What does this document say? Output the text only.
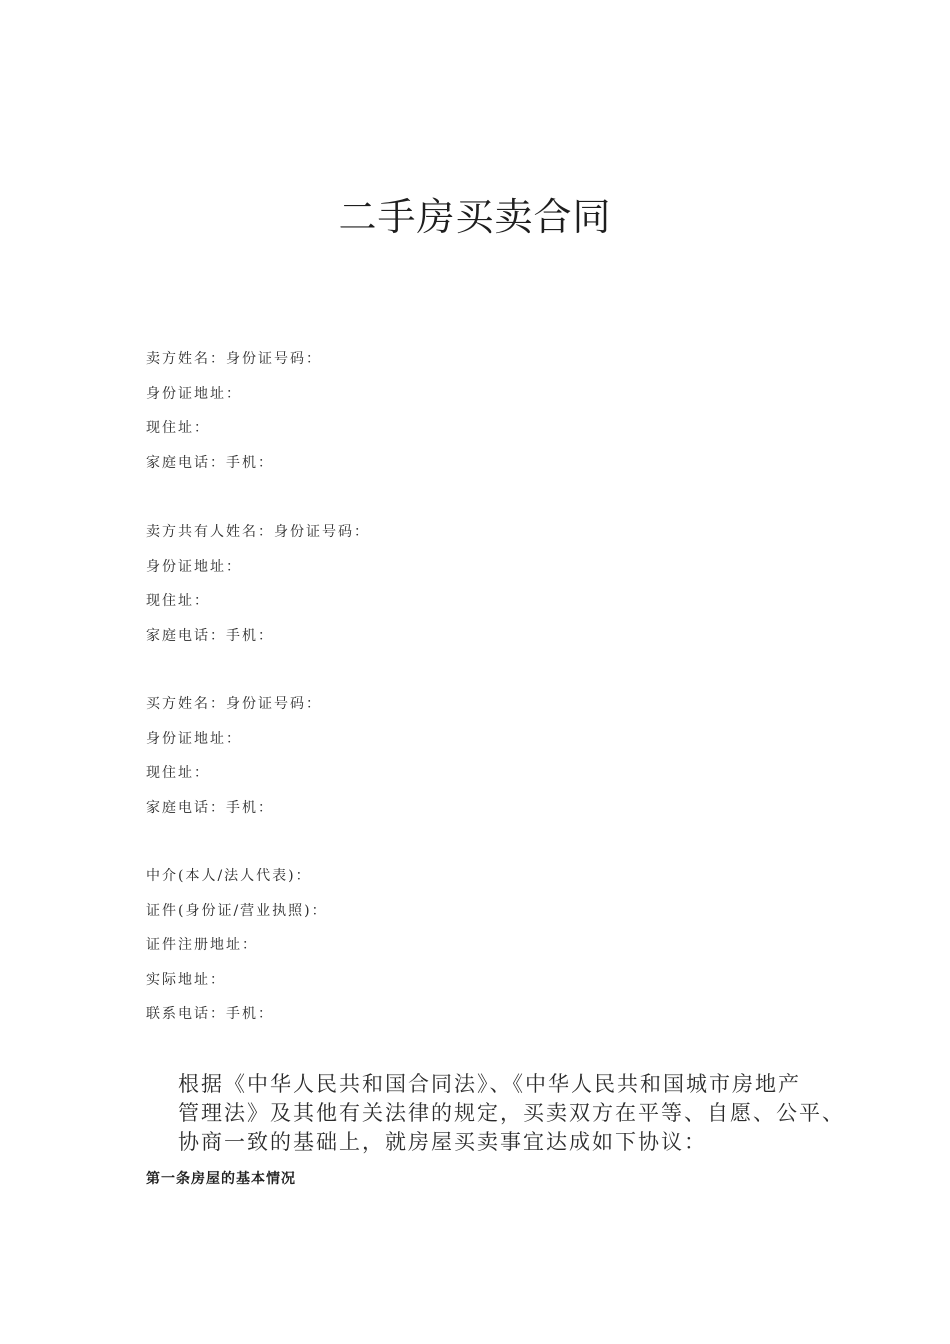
二手房买卖合同
卖方姓名：身份证号码：
身份证地址：
现住址：
家庭电话：手机：
卖方共有人姓名：身份证号码：
身份证地址：
现住址：
家庭电话：手机：
买方姓名：身份证号码：
身份证地址：
现住址：
家庭电话：手机：
中介(本人/法人代表)：
证件(身份证/营业执照)：
证件注册地址：
实际地址：
联系电话：手机：

根据《中华人民共和国合同法》、《中华人民共和国城市房地产
管理法》及其他有关法律的规定，买卖双方在平等、自愿、公平、
协商一致的基础上，就房屋买卖事宜达成如下协议：

第一条房屋的基本情况
